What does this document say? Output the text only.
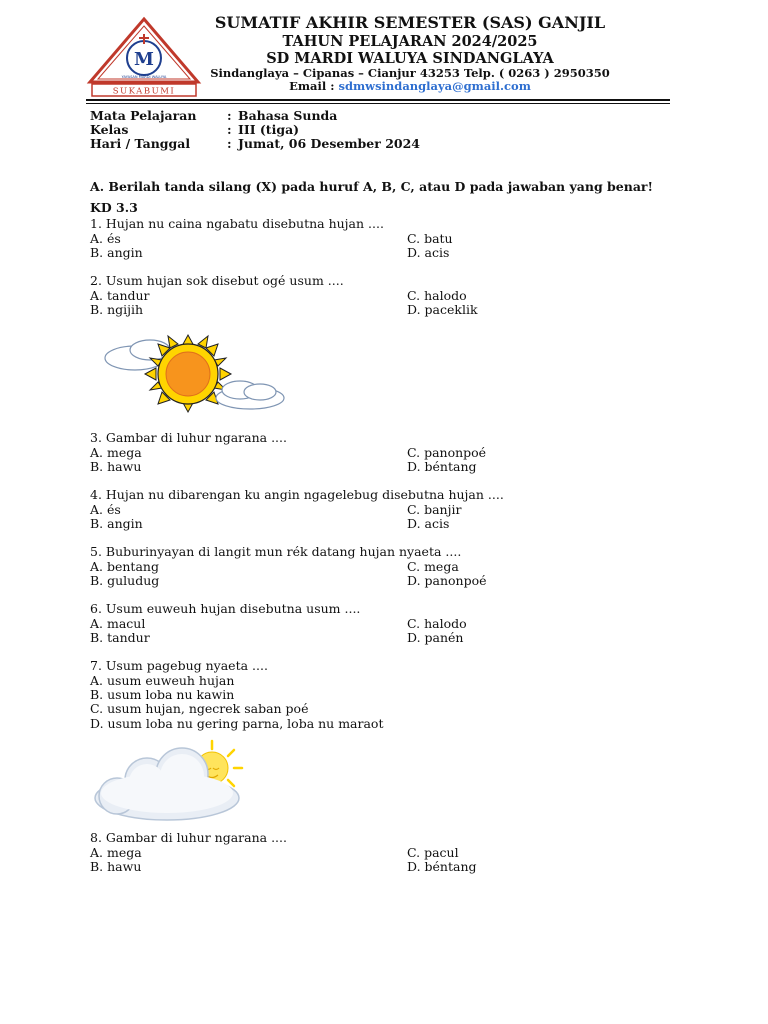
M
YAYASAN MARDI WALUYA
SUKABUMI
SUMATIF AKHIR SEMESTER (SAS) GANJIL
TAHUN PELAJARAN 2024/2025
SD MARDI WALUYA SINDANGLAYA
Sindanglaya – Cipanas – Cianjur 43253 Telp. ( 0263 ) 2950350
Email : sdmwsindanglaya@gmail.com
Mata Pelajaran : Bahasa Sunda
Kelas	: III (tiga)
Hari / Tanggal	: Jumat, 06 Desember 2024
A. Berilah tanda silang (X) pada huruf A, B, C, atau D pada jawaban yang benar!
KD 3.3
1. Hujan nu caina ngabatu disebutna hujan ....
A. és
B. angin
C. batu
D. acis
2. Usum hujan sok disebut ogé usum ....
A. tandur
B. ngijih
C. halodo
D. paceklik
3. Gambar di luhur ngarana ....
A. mega
B. hawu
C. panonpoé
D. béntang
4. Hujan nu dibarengan ku angin ngagelebug disebutna hujan ....
A. és
B. angin
C. banjir
D. acis
5. Buburinyayan di langit mun rék datang hujan nyaeta ....
A. bentang
B. guludug
C. mega
D. panonpoé
6. Usum euweuh hujan disebutna usum ....
A. macul
B. tandur
C. halodo
D. panén
7. Usum pagebug nyaeta ....
A. usum euweuh hujan
B. usum loba nu kawin
C. usum hujan, ngecrek saban poé
D. usum loba nu gering parna, loba nu maraot
8. Gambar di luhur ngarana ....
A. mega
B. hawu
C. pacul
D. béntang
